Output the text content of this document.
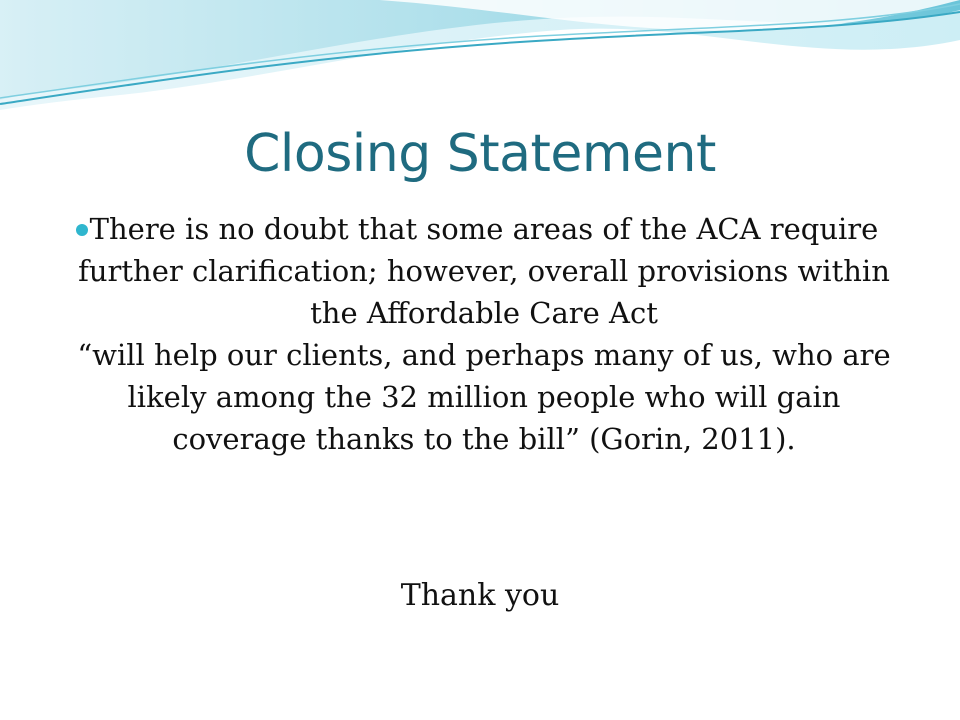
Closing Statement

There is no doubt that some areas of the ACA require further clarification; however, overall provisions within the Affordable Care Act

“will help our clients, and perhaps many of us, who are likely among the 32 million people who will gain coverage thanks to the bill” (Gorin, 2011).

Thank you
